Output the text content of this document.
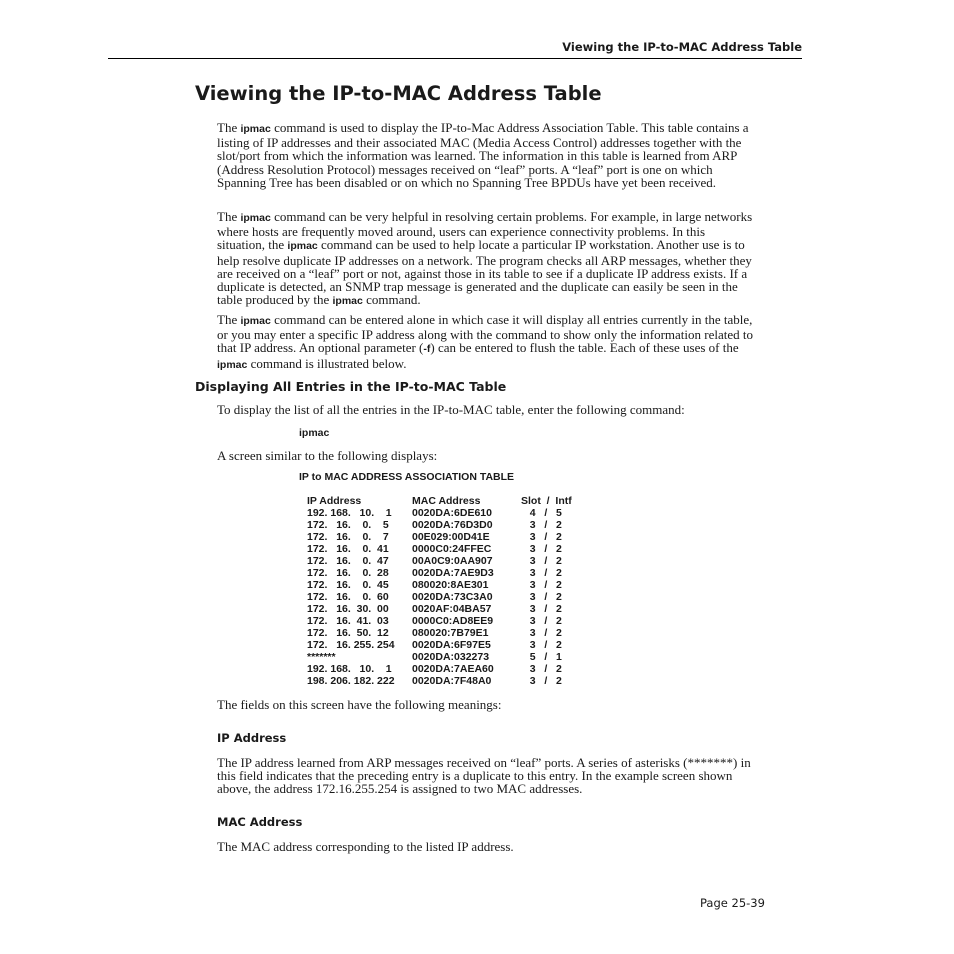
Viewing the IP-to-MAC Address Table
Viewing the IP-to-MAC Address Table

The ipmac command is used to display the IP-to-Mac Address Association Table. This table contains a listing of IP addresses and their associated MAC (Media Access Control) addresses together with the slot/port from which the information was learned. The information in this table is learned from ARP (Address Resolution Protocol) messages received on “leaf” ports. A “leaf” port is one on which Spanning Tree has been disabled or on which no Spanning Tree BPDUs have yet been received.

The ipmac command can be very helpful in resolving certain problems. For example, in large networks where hosts are frequently moved around, users can experience connectivity problems. In this situation, the ipmac command can be used to help locate a particular IP workstation. Another use is to help resolve duplicate IP addresses on a network. The program checks all ARP messages, whether they are received on a “leaf” port or not, against those in its table to see if a duplicate IP address exists. If a duplicate is detected, an SNMP trap message is generated and the duplicate can easily be seen in the table produced by the ipmac command.

The ipmac command can be entered alone in which case it will display all entries currently in the table, or you may enter a specific IP address along with the command to show only the information related to that IP address. An optional parameter (-f) can be entered to flush the table. Each of these uses of the ipmac command is illustrated below.

Displaying All Entries in the IP-to-MAC Table

To display the list of all the entries in the IP-to-MAC table, enter the following command:

ipmac

A screen similar to the following displays:

IP to MAC ADDRESS ASSOCIATION TABLE
IP Address	MAC Address	Slot  /  Intf
192. 168.   10.    1	0020DA:6DE610	4   /   5
172.   16.    0.    5	0020DA:76D3D0	3   /   2
172.   16.    0.    7	00E029:00D41E	3   /   2
172.   16.    0.  41	0000C0:24FFEC	3   /   2
172.   16.    0.  47	00A0C9:0AA907	3   /   2
172.   16.    0.  28	0020DA:7AE9D3	3   /   2
172.   16.    0.  45	080020:8AE301	3   /   2
172.   16.    0.  60	0020DA:73C3A0	3   /   2
172.   16.  30.  00	0020AF:04BA57	3   /   2
172.   16.  41.  03	0000C0:AD8EE9	3   /   2
172.   16.  50.  12	080020:7B79E1	3   /   2
172.   16. 255. 254	0020DA:6F97E5	3   /   2
*******	0020DA:032273	5   /   1
192. 168.   10.    1	0020DA:7AEA60	3   /   2
198. 206. 182. 222	0020DA:7F48A0	3   /   2

The fields on this screen have the following meanings:

IP Address

The IP address learned from ARP messages received on “leaf” ports. A series of asterisks (*******) in this field indicates that the preceding entry is a duplicate to this entry. In the example screen shown above, the address 172.16.255.254 is assigned to two MAC addresses.

MAC Address

The MAC address corresponding to the listed IP address.

Page 25-39
